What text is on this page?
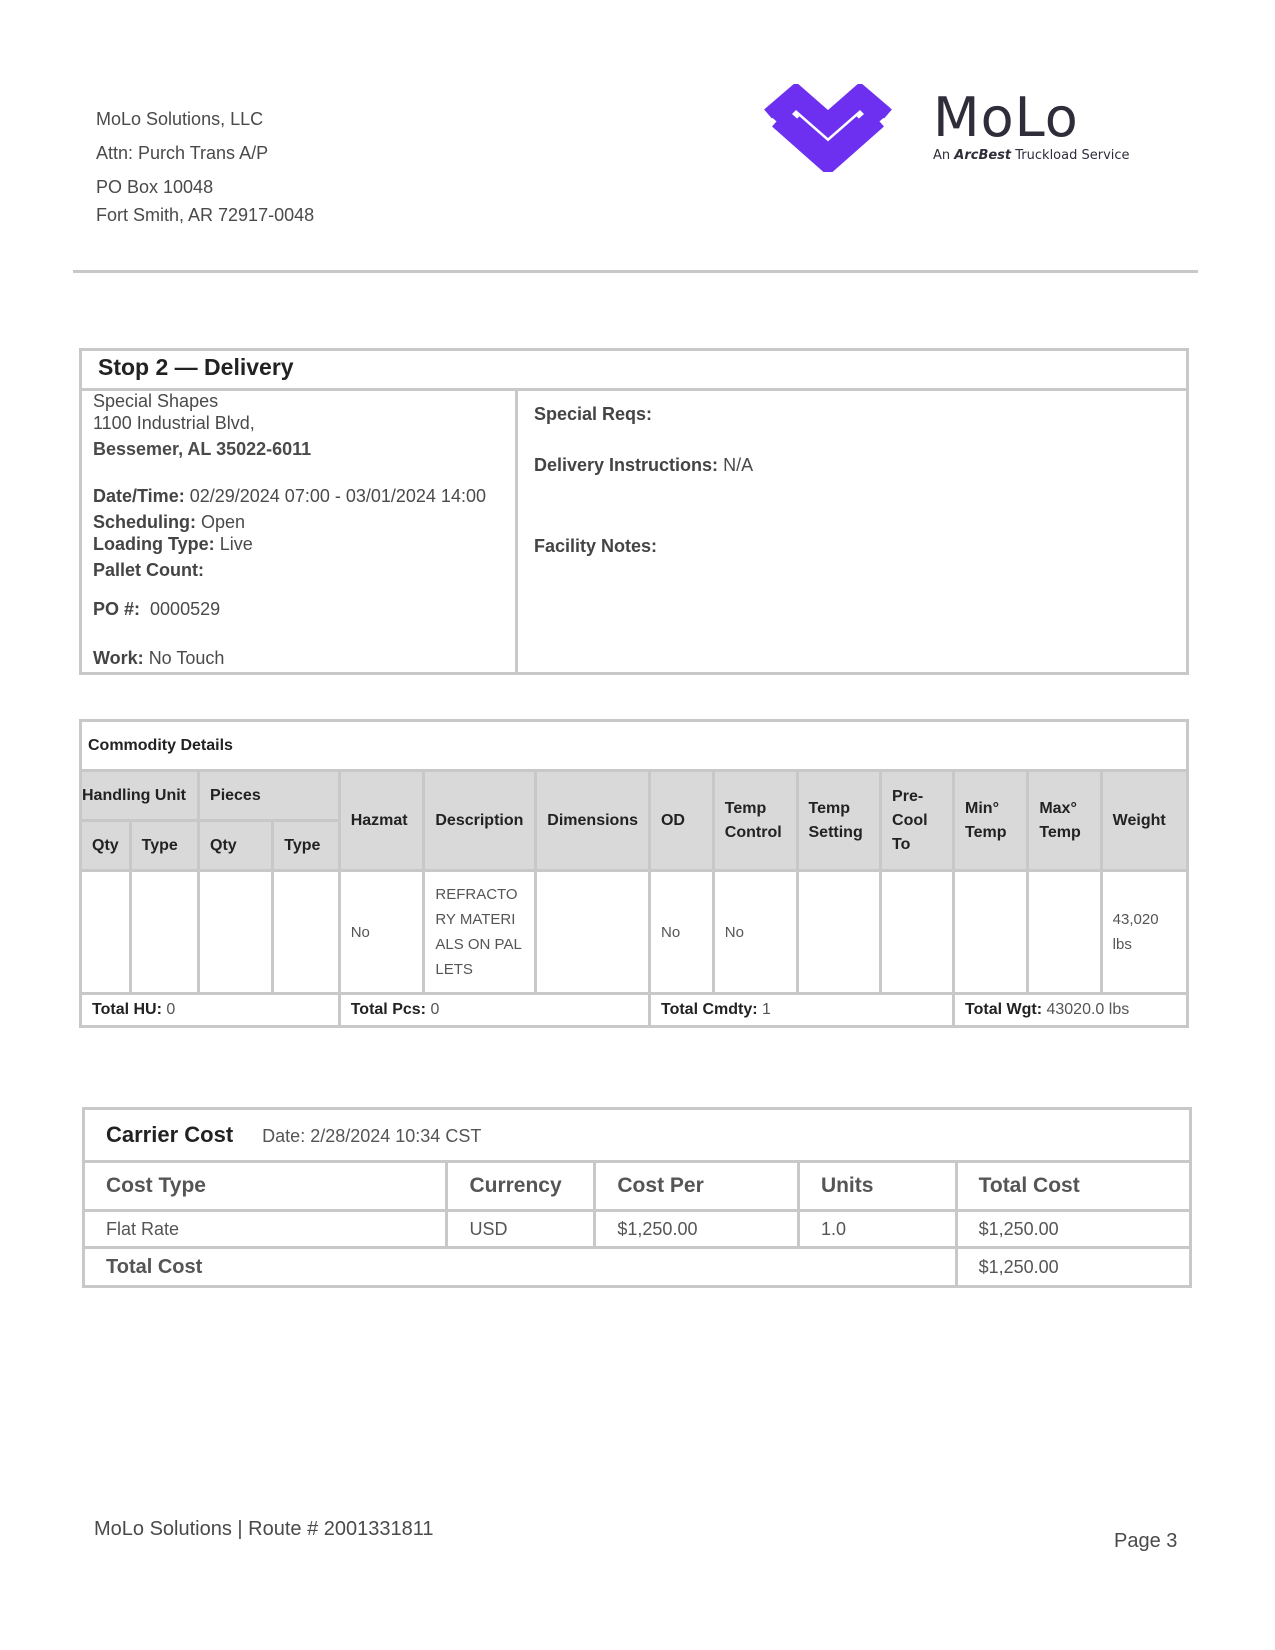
MoLo Solutions, LLC
Attn: Purch Trans A/P
PO Box 10048
Fort Smith, AR 72917-0048
MoLo
An ArcBest Truckload Service
Stop 2 — Delivery
Special Shapes
1100 Industrial Blvd,
Bessemer, AL 35022-6011
Date/Time: 02/29/2024 07:00 - 03/01/2024 14:00
Scheduling: Open
Loading Type: Live
Pallet Count:
PO #: 0000529
Work: No Touch
Special Reqs:
Delivery Instructions: N/A
Facility Notes:
Commodity Details													
Handling Unit		Pieces		Hazmat	Description	Dimensions	OD	Temp Control	Temp Setting	Pre-Cool To	Min° Temp	Max° Temp	Weight
Qty	Type	Qty	Type										
				No	REFRACTORY MATERIALS ON PALLETS		No	No					43,020 lbs
Total HU: 0				Total Pcs: 0			Total Cmdty: 1				Total Wgt: 43020.0 lbs		
Carrier Cost Date: 2/28/2024 10:34 CST				
Cost Type	Currency	Cost Per	Units	Total Cost
Flat Rate	USD	$1,250.00	1.0	$1,250.00
Total Cost				$1,250.00
MoLo Solutions | Route # 2001331811
Page 3
